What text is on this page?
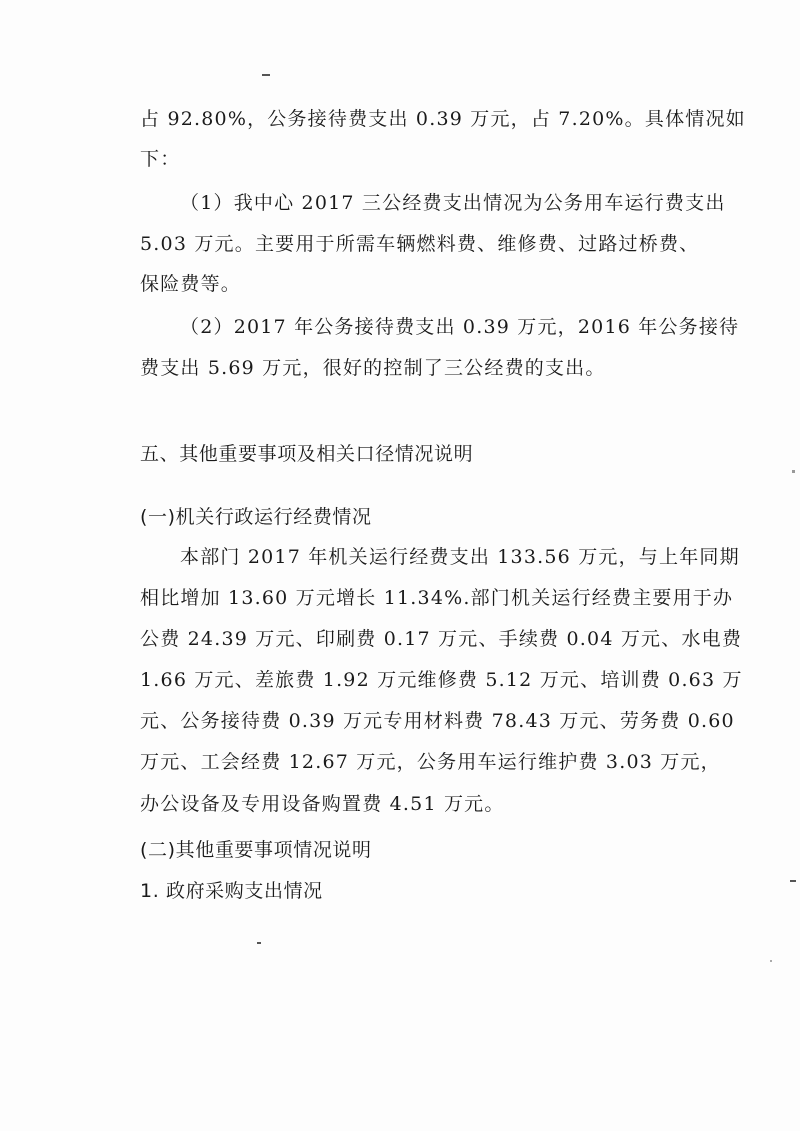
占 92.80%，公务接待费支出 0.39 万元，占 7.20%。具体情况如
下：
（1）我中心 2017 三公经费支出情况为公务用车运行费支出
5.03 万元。主要用于所需车辆燃料费、维修费、过路过桥费、
保险费等。
（2）2017 年公务接待费支出 0.39 万元，2016 年公务接待
费支出 5.69 万元，很好的控制了三公经费的支出。
五、其他重要事项及相关口径情况说明
(一)机关行政运行经费情况
本部门 2017 年机关运行经费支出 133.56 万元，与上年同期
相比增加 13.60 万元增长 11.34%.部门机关运行经费主要用于办
公费 24.39 万元、印刷费 0.17 万元、手续费 0.04 万元、水电费
1.66 万元、差旅费 1.92 万元维修费 5.12 万元、培训费 0.63 万
元、公务接待费 0.39 万元专用材料费 78.43 万元、劳务费 0.60
万元、工会经费 12.67 万元，公务用车运行维护费 3.03 万元，
办公设备及专用设备购置费 4.51 万元。
(二)其他重要事项情况说明
1. 政府采购支出情况
